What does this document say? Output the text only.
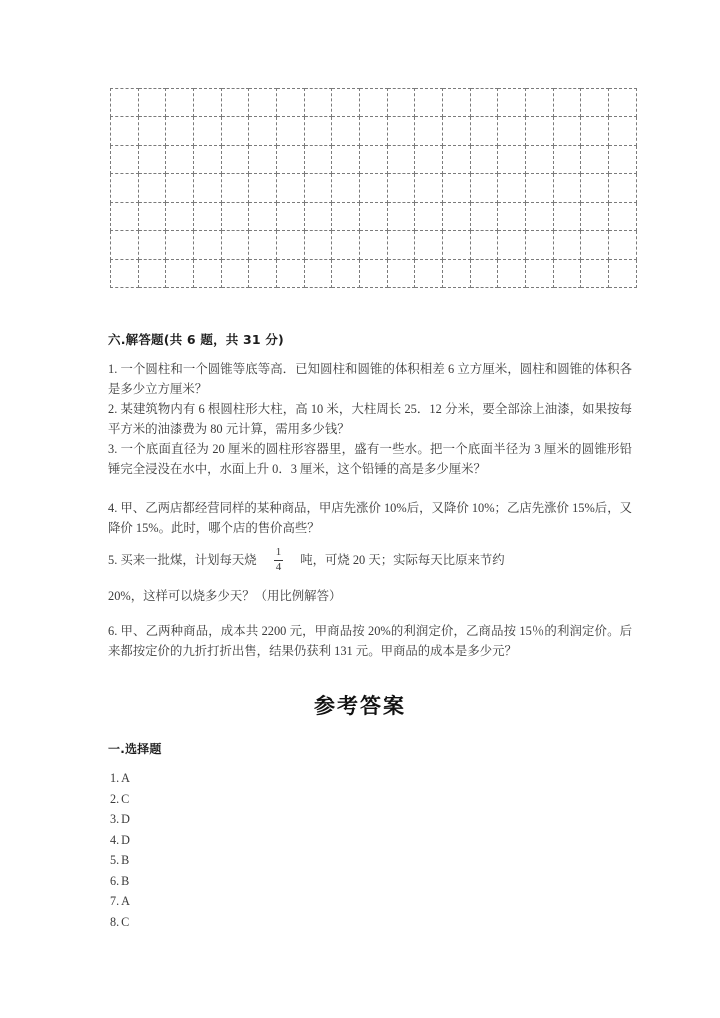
六.解答题(共 6 题，共 31 分)
1. 一个圆柱和一个圆锥等底等高．已知圆柱和圆锥的体积相差 6 立方厘米，圆柱和圆锥的体积各是多少立方厘米？
2. 某建筑物内有 6 根圆柱形大柱，高 10 米，大柱周长 25．12 分米，要全部涂上油漆，如果按每平方米的油漆费为 80 元计算，需用多少钱？
3. 一个底面直径为 20 厘米的圆柱形容器里，盛有一些水。把一个底面半径为 3 厘米的圆锥形铅锤完全浸没在水中，水面上升 0．3 厘米，这个铅锤的高是多少厘米？
4. 甲、乙两店都经营同样的某种商品，甲店先涨价 10%后，又降价 10%；乙店先涨价 15%后，又降价 15%。此时，哪个店的售价高些？
5. 买来一批煤，计划每天烧 $\frac{1}{4}$ 吨，可烧 20 天；实际每天比原来节约
20%，这样可以烧多少天？（用比例解答）
6. 甲、乙两种商品，成本共 2200 元，甲商品按 20%的利润定价，乙商品按 15％的利润定价。后来都按定价的九折打折出售，结果仍获利 131 元。甲商品的成本是多少元？
参考答案
一.选择题
1. A
2. C
3. D
4. D
5. B
6. B
7. A
8. C
